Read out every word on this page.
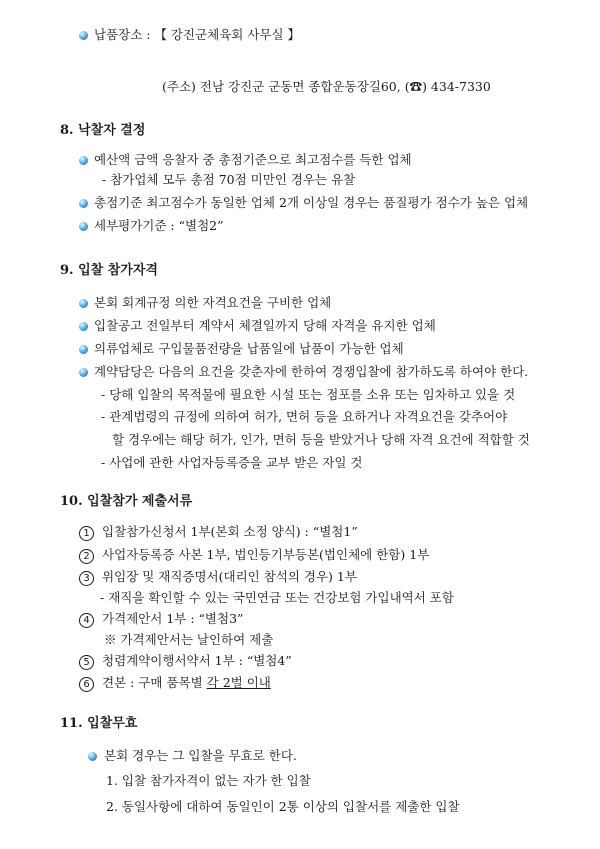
납품장소 : 【 강진군체육회 사무실 】
(주소) 전남 강진군 군동면 종합운동장길60, (☎) 434-7330
8. 낙찰자 결정
예산액 금액 응찰자 중 총점기준으로 최고점수를 득한 업체
- 참가업체 모두 총점 70점 미만인 경우는 유찰
총점기준 최고점수가 동일한 업체 2개 이상일 경우는 품질평가 점수가 높은 업체
세부평가기준 : “별첨2”
9. 입찰 참가자격
본회 회계규정 의한 자격요건을 구비한 업체
입찰공고 전일부터 계약서 체결일까지 당해 자격을 유지한 업체
의류업체로 구입물품전량을 납품일에 납품이 가능한 업체
계약담당은 다음의 요건을 갖춘자에 한하여 경쟁입찰에 참가하도록 하여야 한다.
- 당해 입찰의 목적물에 필요한 시설 또는 점포를 소유 또는 임차하고 있을 것
- 관계법령의 규정에 의하여 허가, 면허 등을 요하거나 자격요건을 갖추어야
할 경우에는 해당 허가, 인가, 면허 등을 받았거나 당해 자격 요건에 적합할 것
- 사업에 관한 사업자등록증을 교부 받은 자일 것
10. 입찰참가 제출서류
1 입찰참가신청서 1부(본회 소정 양식) : “별첨1”
2 사업자등록증 사본 1부, 법인등기부등본(법인체에 한함) 1부
3 위임장 및 재직증명서(대리인 참석의 경우) 1부
- 재직을 확인할 수 있는 국민연금 또는 건강보험 가입내역서 포함
4 가격제안서 1부 : “별첨3”
※ 가격제안서는 날인하여 제출
5 청렴계약이행서약서 1부 : “별첨4”
6 견본 : 구매 품목별 각 2벌 이내
11. 입찰무효
본회 경우는 그 입찰을 무효로 한다.
1. 입찰 참가자격이 없는 자가 한 입찰
2. 동일사항에 대하여 동일인이 2통 이상의 입찰서를 제출한 입찰
